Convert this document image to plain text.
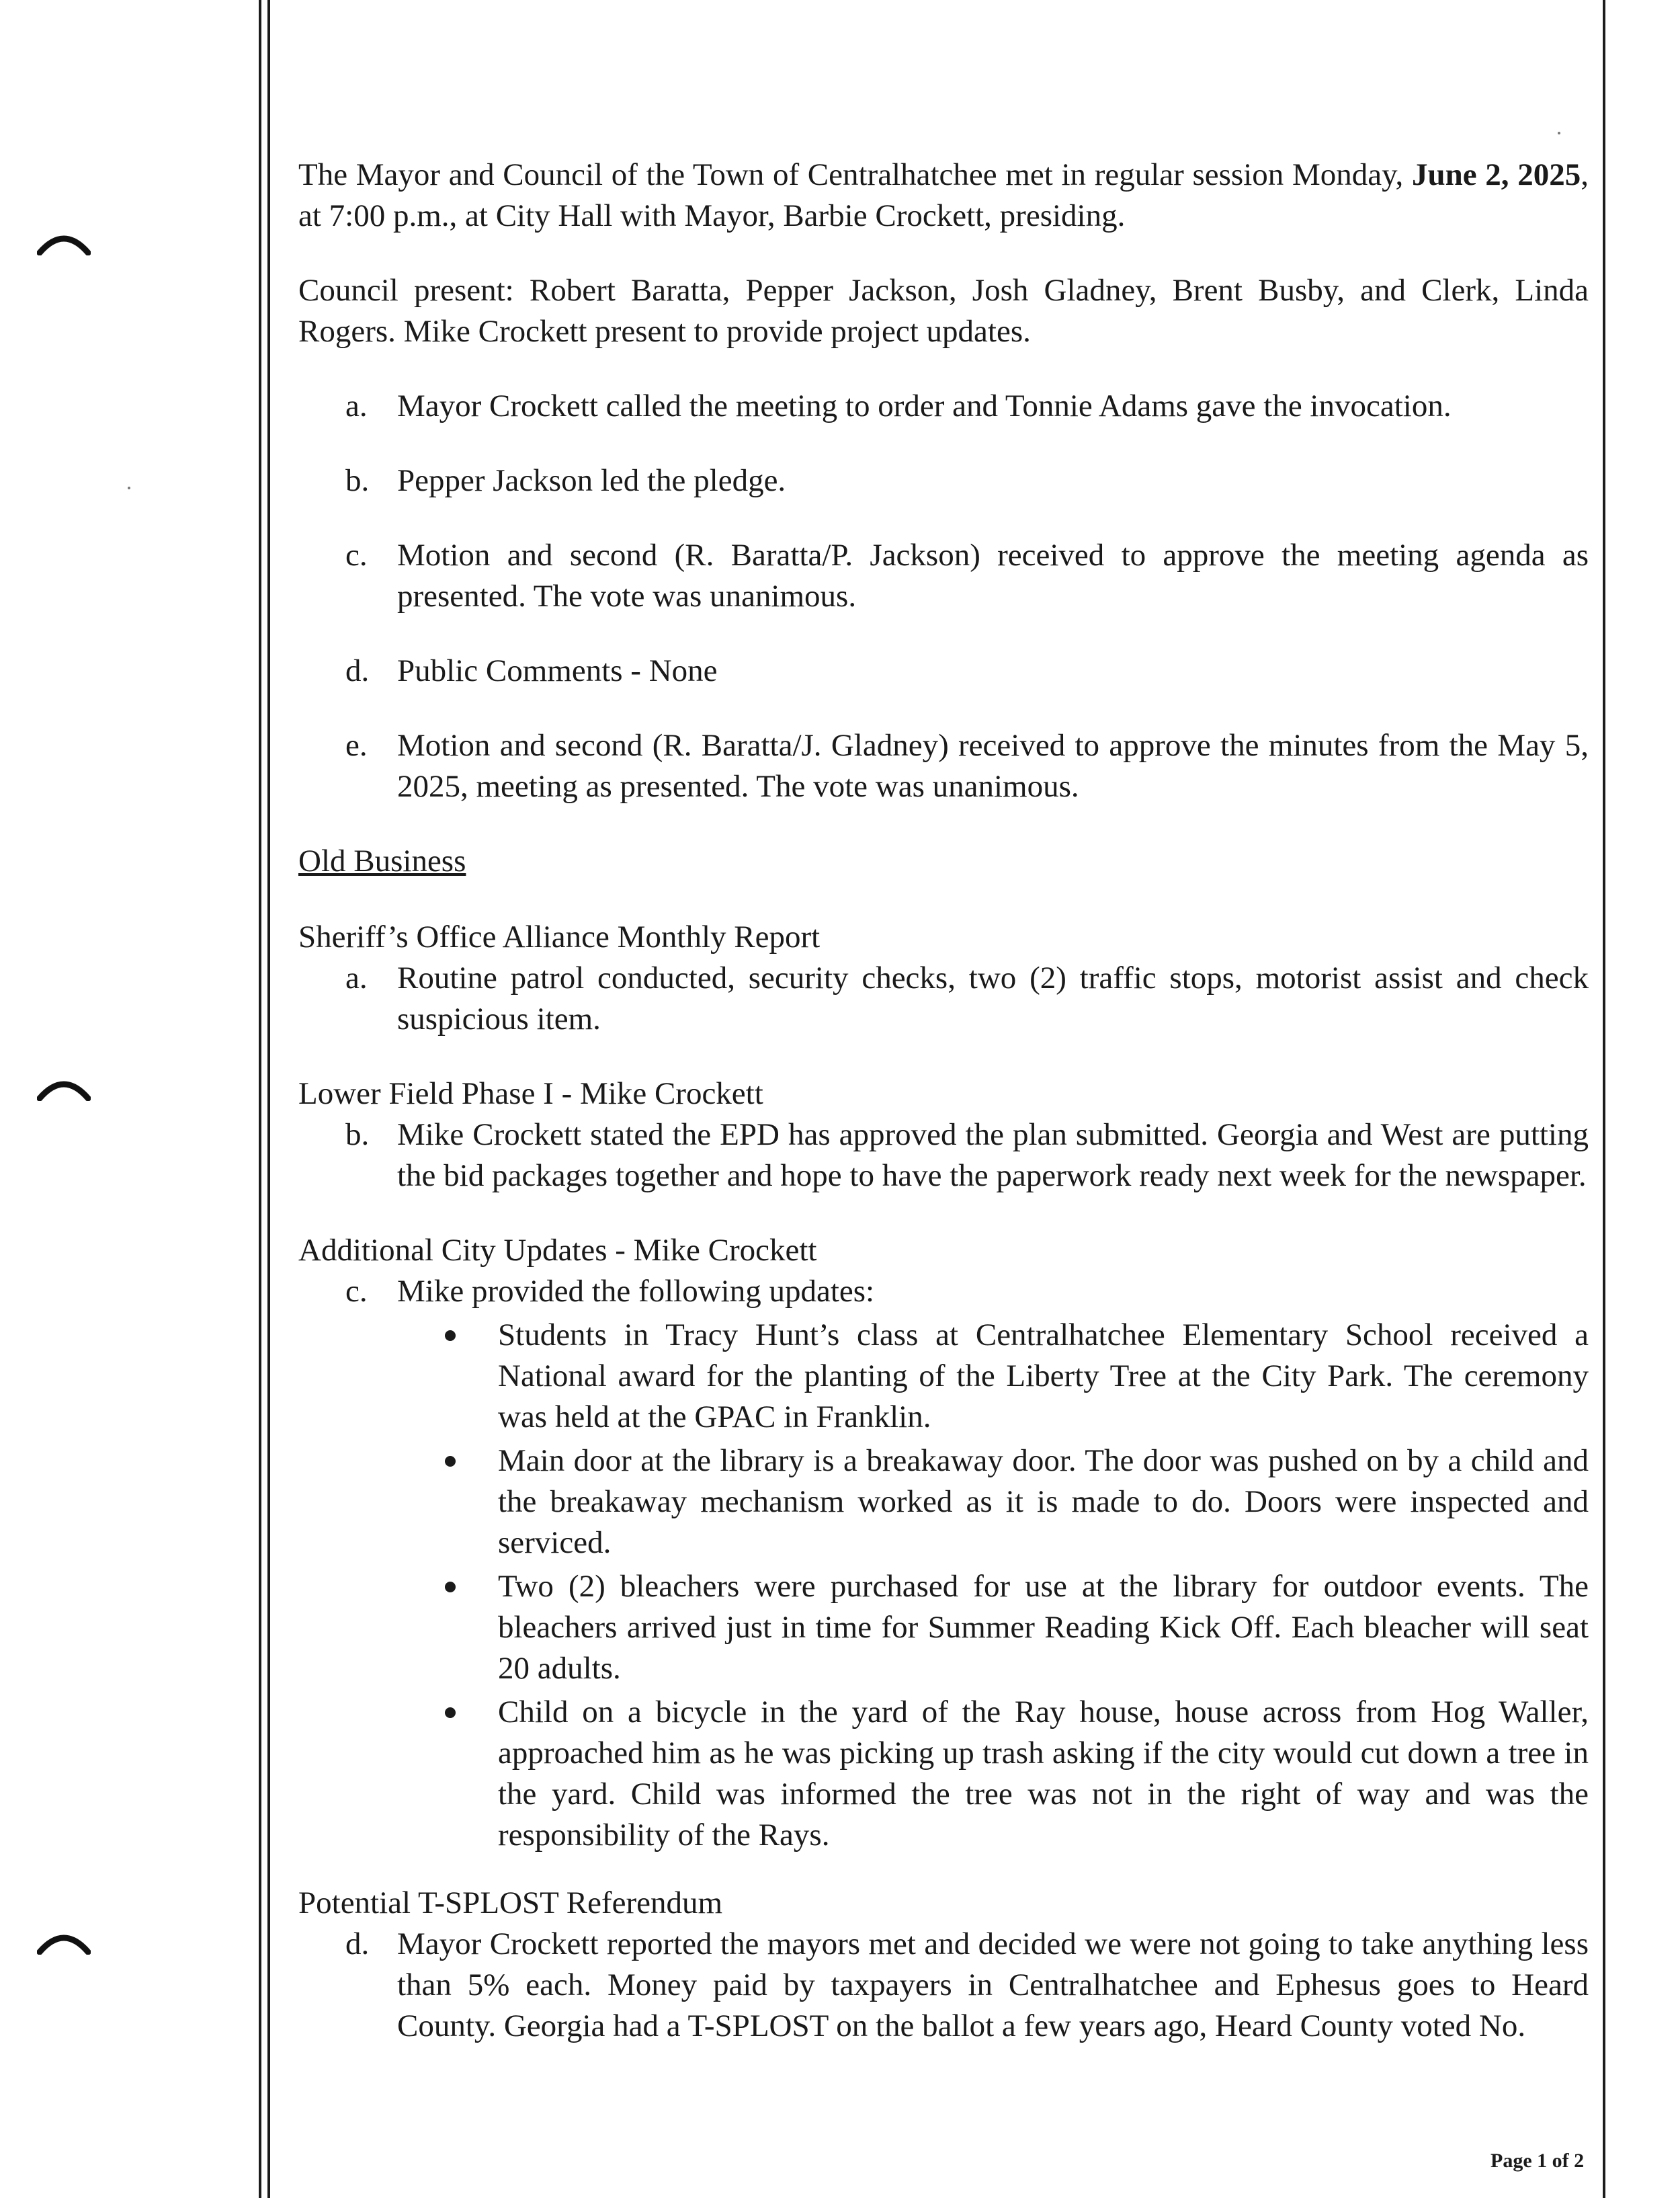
The Mayor and Council of the Town of Centralhatchee met in regular session Monday, June 2, 2025, at 7:00 p.m., at City Hall with Mayor, Barbie Crockett, presiding.

Council present: Robert Baratta, Pepper Jackson, Josh Gladney, Brent Busby, and Clerk, Linda Rogers. Mike Crockett present to provide project updates.

a. Mayor Crockett called the meeting to order and Tonnie Adams gave the invocation.
b. Pepper Jackson led the pledge.
c. Motion and second (R. Baratta/P. Jackson) received to approve the meeting agenda as presented. The vote was unanimous.
d. Public Comments - None
e. Motion and second (R. Baratta/J. Gladney) received to approve the minutes from the May 5, 2025, meeting as presented. The vote was unanimous.

Old Business

Sheriff’s Office Alliance Monthly Report

a. Routine patrol conducted, security checks, two (2) traffic stops, motorist assist and check suspicious item.

Lower Field Phase I - Mike Crockett

b. Mike Crockett stated the EPD has approved the plan submitted. Georgia and West are putting the bid packages together and hope to have the paperwork ready next week for the newspaper.

Additional City Updates - Mike Crockett

c. Mike provided the following updates:
Students in Tracy Hunt’s class at Centralhatchee Elementary School received a National award for the planting of the Liberty Tree at the City Park. The ceremony was held at the GPAC in Franklin.
Main door at the library is a breakaway door. The door was pushed on by a child and the breakaway mechanism worked as it is made to do. Doors were inspected and serviced.
Two (2) bleachers were purchased for use at the library for outdoor events. The bleachers arrived just in time for Summer Reading Kick Off. Each bleacher will seat 20 adults.
Child on a bicycle in the yard of the Ray house, house across from Hog Waller, approached him as he was picking up trash asking if the city would cut down a tree in the yard. Child was informed the tree was not in the right of way and was the responsibility of the Rays.

Potential T-SPLOST Referendum

d. Mayor Crockett reported the mayors met and decided we were not going to take anything less than 5% each. Money paid by taxpayers in Centralhatchee and Ephesus goes to Heard County. Georgia had a T-SPLOST on the ballot a few years ago, Heard County voted No.
Page 1 of 2
